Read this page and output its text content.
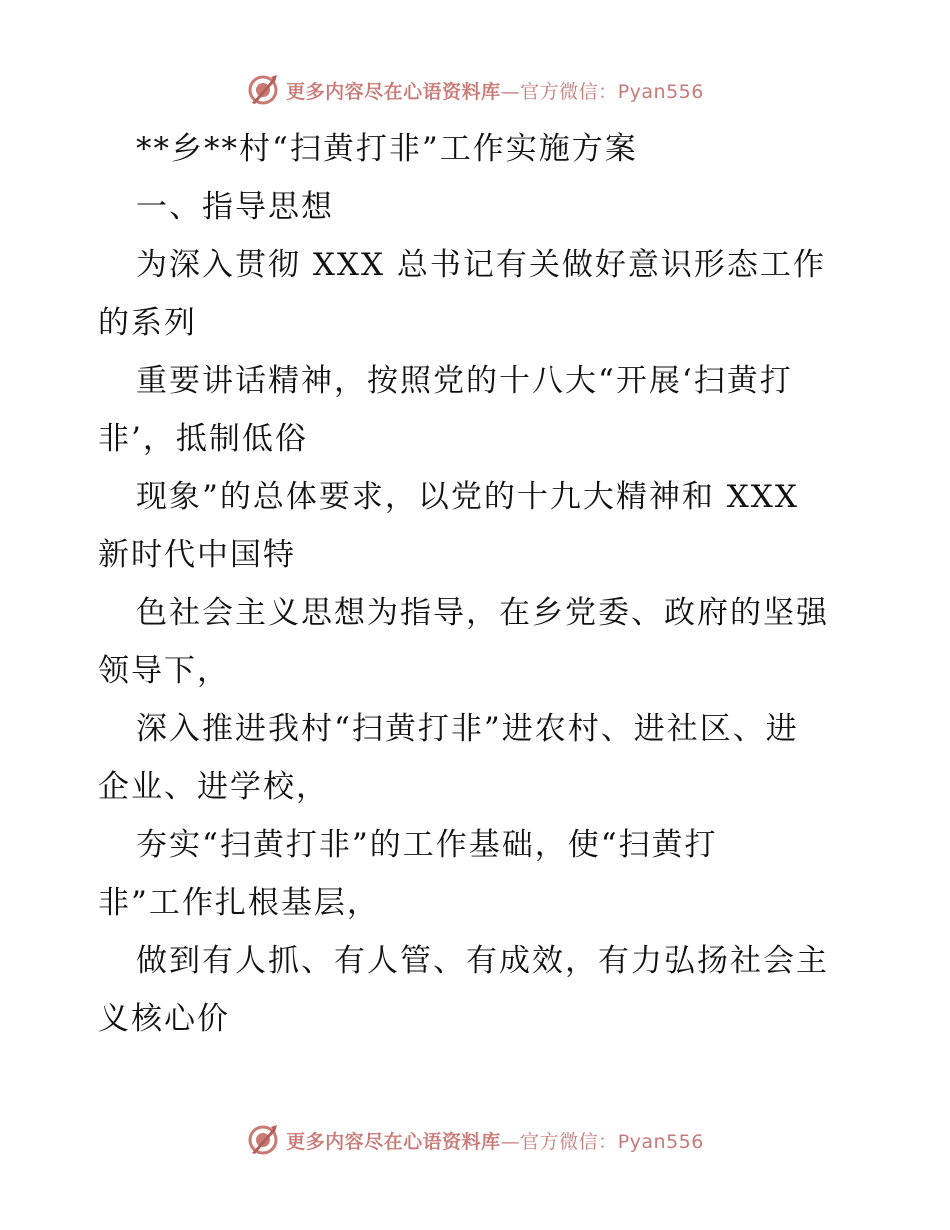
更多内容尽在心语资料库—官方微信：Pyan556
**乡**村“扫黄打非”工作实施方案
一、指导思想
为深入贯彻 XXX 总书记有关做好意识形态工作
的系列
重要讲话精神，按照党的十八大“开展‘扫黄打
非’，抵制低俗
现象”的总体要求，以党的十九大精神和 XXX
新时代中国特
色社会主义思想为指导，在乡党委、政府的坚强
领导下，
深入推进我村“扫黄打非”进农村、进社区、进
企业、进学校，
夯实“扫黄打非”的工作基础，使“扫黄打
非”工作扎根基层，
做到有人抓、有人管、有成效，有力弘扬社会主
义核心价
更多内容尽在心语资料库—官方微信：Pyan556
